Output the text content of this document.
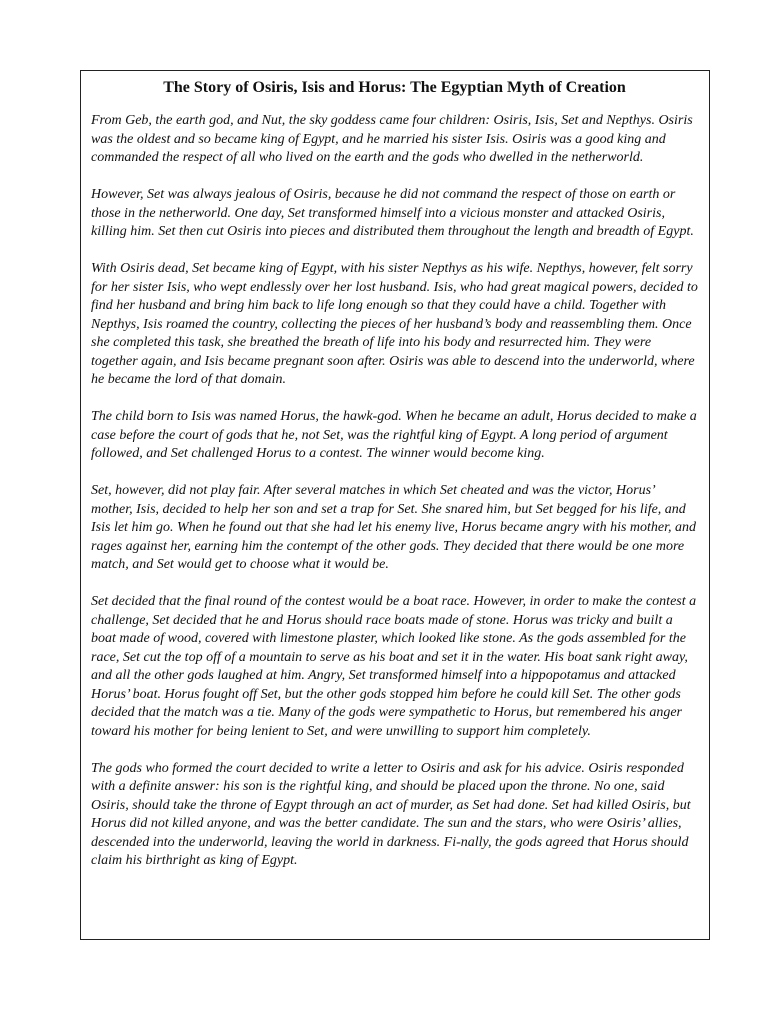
The Story of Osiris, Isis and Horus: The Egyptian Myth of Creation

From Geb, the earth god, and Nut, the sky goddess came four children: Osiris, Isis, Set and Nepthys. Osiris was the oldest and so became king of Egypt, and he married his sister Isis. Osiris was a good king and commanded the respect of all who lived on the earth and the gods who dwelled in the netherworld.

However, Set was always jealous of Osiris, because he did not command the respect of those on earth or those in the netherworld. One day, Set transformed himself into a vicious monster and attacked Osiris, killing him. Set then cut Osiris into pieces and distributed them throughout the length and breadth of Egypt.

With Osiris dead, Set became king of Egypt, with his sister Nepthys as his wife. Nepthys, however, felt sorry for her sister Isis, who wept endlessly over her lost husband. Isis, who had great magical powers, decided to find her husband and bring him back to life long enough so that they could have a child. Together with Nepthys, Isis roamed the country, collecting the pieces of her husband’s body and reassembling them. Once she completed this task, she breathed the breath of life into his body and resurrected him. They were together again, and Isis became pregnant soon after. Osiris was able to descend into the underworld, where he became the lord of that domain.

The child born to Isis was named Horus, the hawk-god. When he became an adult, Horus decided to make a case before the court of gods that he, not Set, was the rightful king of Egypt. A long period of argument followed, and Set challenged Horus to a contest. The winner would become king.

Set, however, did not play fair. After several matches in which Set cheated and was the victor, Horus’ mother, Isis, decided to help her son and set a trap for Set. She snared him, but Set begged for his life, and Isis let him go. When he found out that she had let his enemy live, Horus became angry with his mother, and rages against her, earning him the contempt of the other gods. They decided that there would be one more match, and Set would get to choose what it would be.

Set decided that the final round of the contest would be a boat race. However, in order to make the contest a challenge, Set decided that he and Horus should race boats made of stone. Horus was tricky and built a boat made of wood, covered with limestone plaster, which looked like stone. As the gods assembled for the race, Set cut the top off of a mountain to serve as his boat and set it in the water. His boat sank right away, and all the other gods laughed at him. Angry, Set transformed himself into a hippopotamus and attacked Horus’ boat. Horus fought off Set, but the other gods stopped him before he could kill Set. The other gods decided that the match was a tie. Many of the gods were sympathetic to Horus, but remembered his anger toward his mother for being lenient to Set, and were unwilling to support him completely.

The gods who formed the court decided to write a letter to Osiris and ask for his advice. Osiris responded with a definite answer: his son is the rightful king, and should be placed upon the throne. No one, said Osiris, should take the throne of Egypt through an act of murder, as Set had done. Set had killed Osiris, but Horus did not killed anyone, and was the better candidate. The sun and the stars, who were Osiris’ allies, descended into the underworld, leaving the world in darkness. Fi-nally, the gods agreed that Horus should claim his birthright as king of Egypt.
